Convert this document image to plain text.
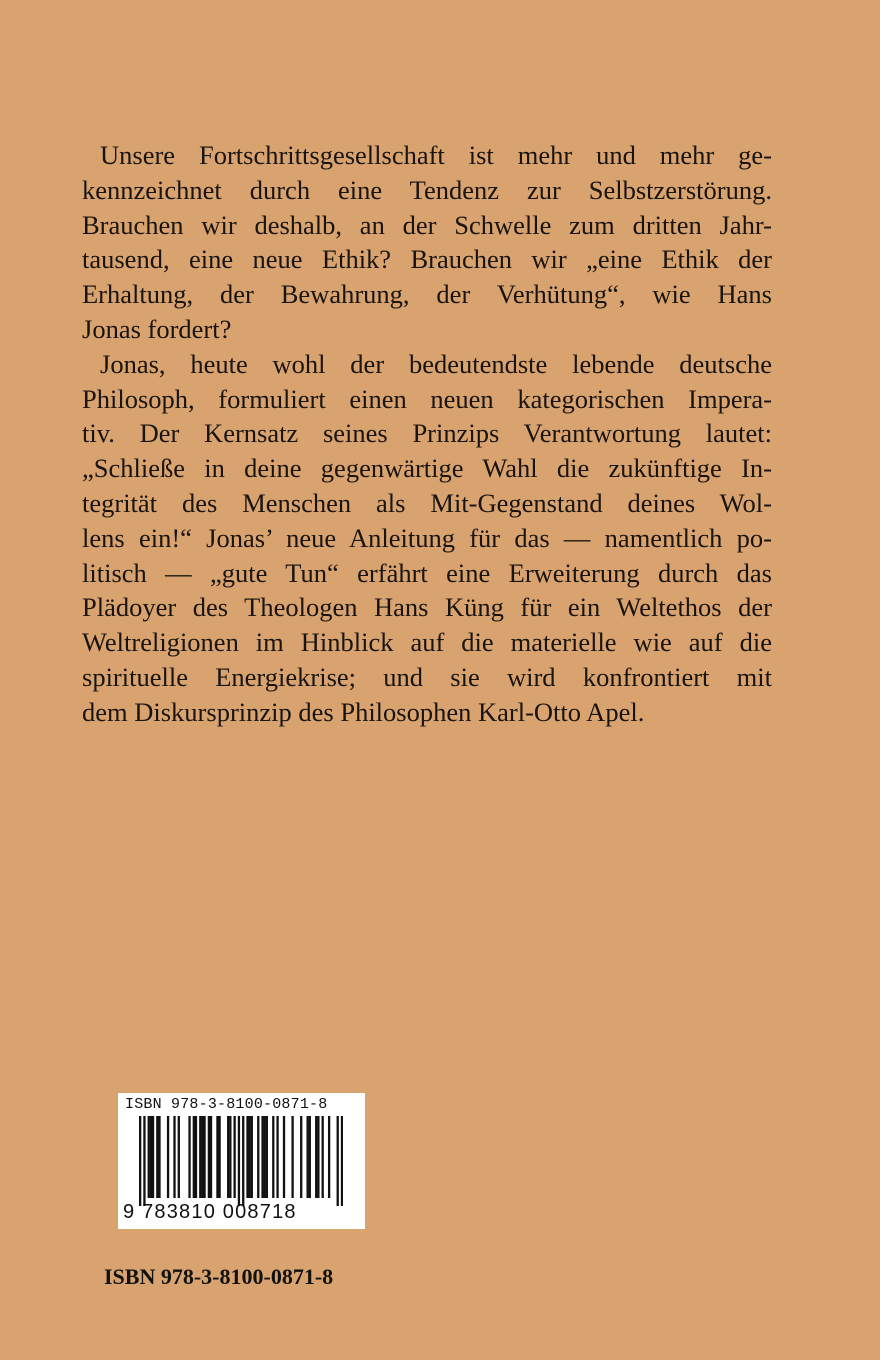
Unsere Fortschrittsgesellschaft ist mehr und mehr ge-
kennzeichnet durch eine Tendenz zur Selbstzerstörung.
Brauchen wir deshalb, an der Schwelle zum dritten Jahr-
tausend, eine neue Ethik? Brauchen wir „eine Ethik der
Erhaltung, der Bewahrung, der Verhütung“, wie Hans
Jonas fordert?
Jonas, heute wohl der bedeutendste lebende deutsche
Philosoph, formuliert einen neuen kategorischen Impera-
tiv. Der Kernsatz seines Prinzips Verantwortung lautet:
„Schließe in deine gegenwärtige Wahl die zukünftige In-
tegrität des Menschen als Mit-Gegenstand deines Wol-
lens ein!“ Jonas’ neue Anleitung für das — namentlich po-
litisch — „gute Tun“ erfährt eine Erweiterung durch das
Plädoyer des Theologen Hans Küng für ein Weltethos der
Weltreligionen im Hinblick auf die materielle wie auf die
spirituelle Energiekrise; und sie wird konfrontiert mit
dem Diskursprinzip des Philosophen Karl-Otto Apel.
ISBN 978-3-8100-0871-8
9 783810 008718
ISBN 978-3-8100-0871-8
